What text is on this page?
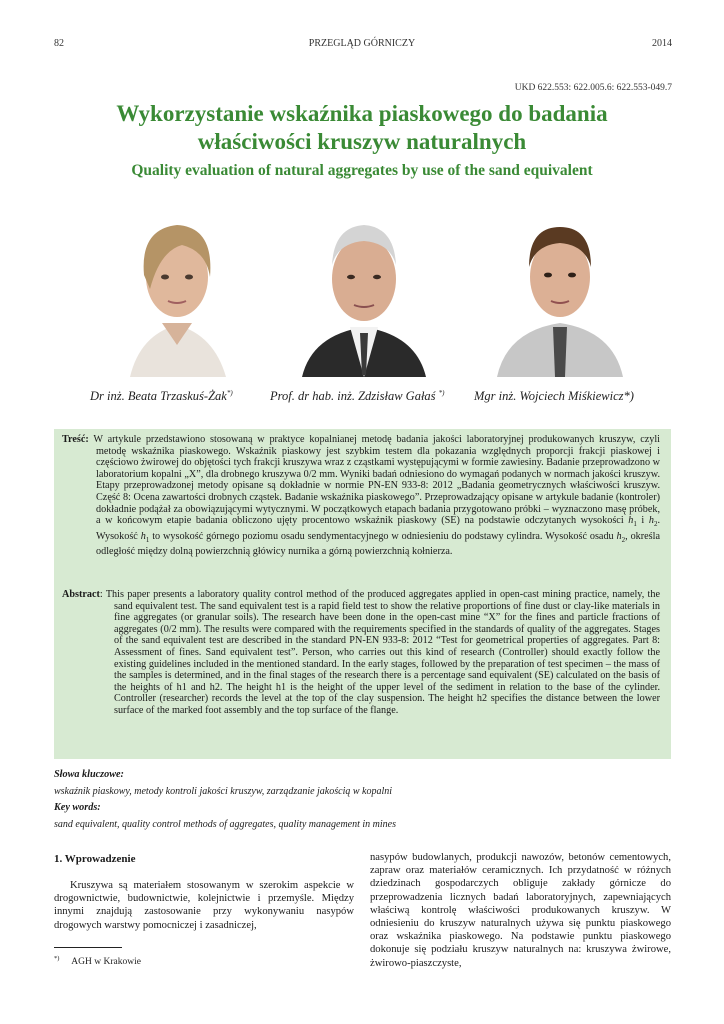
82	PRZEGLĄD GÓRNICZY	2014
UKD 622.553: 622.005.6: 622.553-049.7
Wykorzystanie wskaźnika piaskowego do badania
właściwości kruszyw naturalnych
Quality evaluation of natural aggregates by use of the sand equivalent
Dr inż. Beata Trzaskuś-Żak*)	Prof. dr hab. inż. Zdzisław Gałaś *) Mgr inż. Wojciech Miśkiewicz*)
Treść: W artykule przedstawiono stosowaną w praktyce kopalnianej metodę badania jakości laboratoryjnej produkowanych kruszyw, czyli metodę wskaźnika piaskowego. Wskaźnik piaskowy jest szybkim testem dla pokazania względnych proporcji frakcji piaskowej i częściowo żwirowej do objętości tych frakcji kruszywa wraz z cząstkami występującymi w formie zawiesiny. Badanie przeprowadzono w laboratorium kopalni „X”, dla drobnego kruszywa 0/2 mm. Wyniki badań odniesiono do wymagań podanych w normach jakości kruszyw. Etapy przeprowadzonej metody opisane są dokładnie w normie PN-EN 933-8: 2012 „Badania geometrycznych właściwości kruszyw. Część 8: Ocena zawartości drobnych cząstek. Badanie wskaźnika piaskowego”. Przeprowadzający opisane w artykule badanie (kontroler) dokładnie podążał za obowiązującymi wytycznymi. W początkowych etapach badania przygotowano próbki – wyznaczono masę próbek, a w końcowym etapie badania obliczono ujęty procentowo wskaźnik piaskowy (SE) na podstawie odczytanych wysokości $h_1$ i $h_2$. Wysokość $h_1$ to wysokość górnego poziomu osadu sendymentacyjnego w odniesieniu do podstawy cylindra. Wysokość osadu $h_2$, określa odległość między dolną powierzchnią główicy nurnika a górną powierzchnią kołnierza.
Abstract: This paper presents a laboratory quality control method of the produced aggregates applied in open-cast mining practice, namely, the sand equivalent test. The sand equivalent test is a rapid field test to show the relative proportions of fine dust or clay-like materials in fine aggregates (or granular soils). The research have been done in the open-cast mine “X” for the fines and particle fractions of aggregates (0/2 mm). The results were compared with the requirements specified in the standards of quality of the aggregates. Stages of the sand equivalent test are described in the standard PN-EN 933-8: 2012 “Test for geometrical properties of aggregates. Part 8: Assessment of fines. Sand equivalent test”. Person, who carries out this kind of research (Controller) should exactly follow the existing guidelines included in the mentioned standard. In the early stages, followed by the preparation of test specimen – the mass of the samples is determined, and in the final stages of the research there is a percentage sand equivalent (SE) calculated on the basis of the heights of h1 and h2. The height h1 is the height of the upper level of the sediment in relation to the base of the cylinder. Controller (researcher) records the level at the top of the clay suspension. The height h2 specifies the distance between the lower surface of the marked foot assembly and the top surface of the flange.
Słowa kluczowe:
wskaźnik piaskowy, metody kontroli jakości kruszyw, zarządzanie jakością w kopalni
Key words:
sand equivalent, quality control methods of aggregates, quality management in mines
1. Wprowadzenie
Kruszywa są materiałem stosowanym w szerokim aspekcie w drogownictwie, budownictwie, kolejnictwie i przemyśle. Między innymi znajdują zastosowanie przy wykonywaniu nasypów drogowych warstwy pomocniczej i zasadniczej,
nasypów budowlanych, produkcji nawozów, betonów cementowych, zapraw oraz materiałów ceramicznych. Ich przydatność w różnych dziedzinach gospodarczych obliguje zakłady górnicze do przeprowadzenia licznych badań laboratoryjnych, zapewniających właściwą kontrolę właściwości produkowanych kruszyw. W odniesieniu do kruszyw naturalnych używa się punktu piaskowego oraz wskaźnika piaskowego. Na podstawie punktu piaskowego dokonuje się podziału kruszyw naturalnych na: kruszywa żwirowe, żwirowo-piaszczyste,
*) AGH w Krakowie
